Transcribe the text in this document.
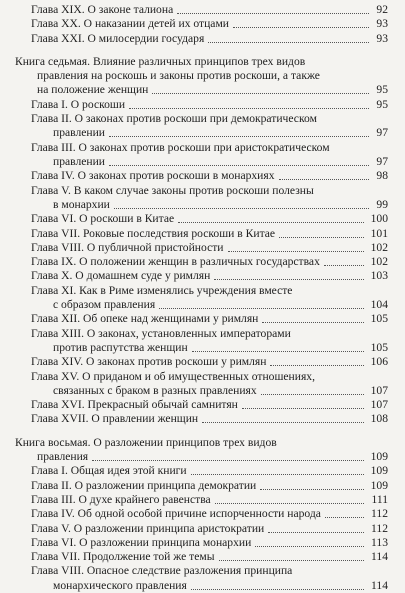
Глава XIX. О законе талиона	92
Глава XX. О наказании детей их отцами	93
Глава XXI. О милосердии государя	93
Книга седьмая. Влияние различных принципов трех видов
правления на роскошь и законы против роскоши, а также
на положение женщин	95
Глава I. О роскоши	95
Глава II. О законах против роскоши при демократическом
правлении	97
Глава III. О законах против роскоши при аристократическом
правлении	97
Глава IV. О законах против роскоши в монархиях	98
Глава V. В каком случае законы против роскоши полезны
в монархии	99
Глава VI. О роскоши в Китае	100
Глава VII. Роковые последствия роскоши в Китае	101
Глава VIII. О публичной пристойности	102
Глава IX. О положении женщин в различных государствах	102
Глава X. О домашнем суде у римлян	103
Глава XI. Как в Риме изменялись учреждения вместе
с образом правления	104
Глава XII. Об опеке над женщинами у римлян	105
Глава XIII. О законах, установленных императорами
против распутства женщин	105
Глава XIV. О законах против роскоши у римлян	106
Глава XV. О приданом и об имущественных отношениях,
связанных с браком в разных правлениях	107
Глава XVI. Прекрасный обычай самнитян	107
Глава XVII. О правлении женщин	108
Книга восьмая. О разложении принципов трех видов
правления	109
Глава I. Общая идея этой книги	109
Глава II. О разложении принципа демократии	109
Глава III. О духе крайнего равенства	111
Глава IV. Об одной особой причине испорченности народа	112
Глава V. О разложении принципа аристократии	112
Глава VI. О разложении принципа монархии	113
Глава VII. Продолжение той же темы	114
Глава VIII. Опасное следствие разложения принципа
монархического правления	114
